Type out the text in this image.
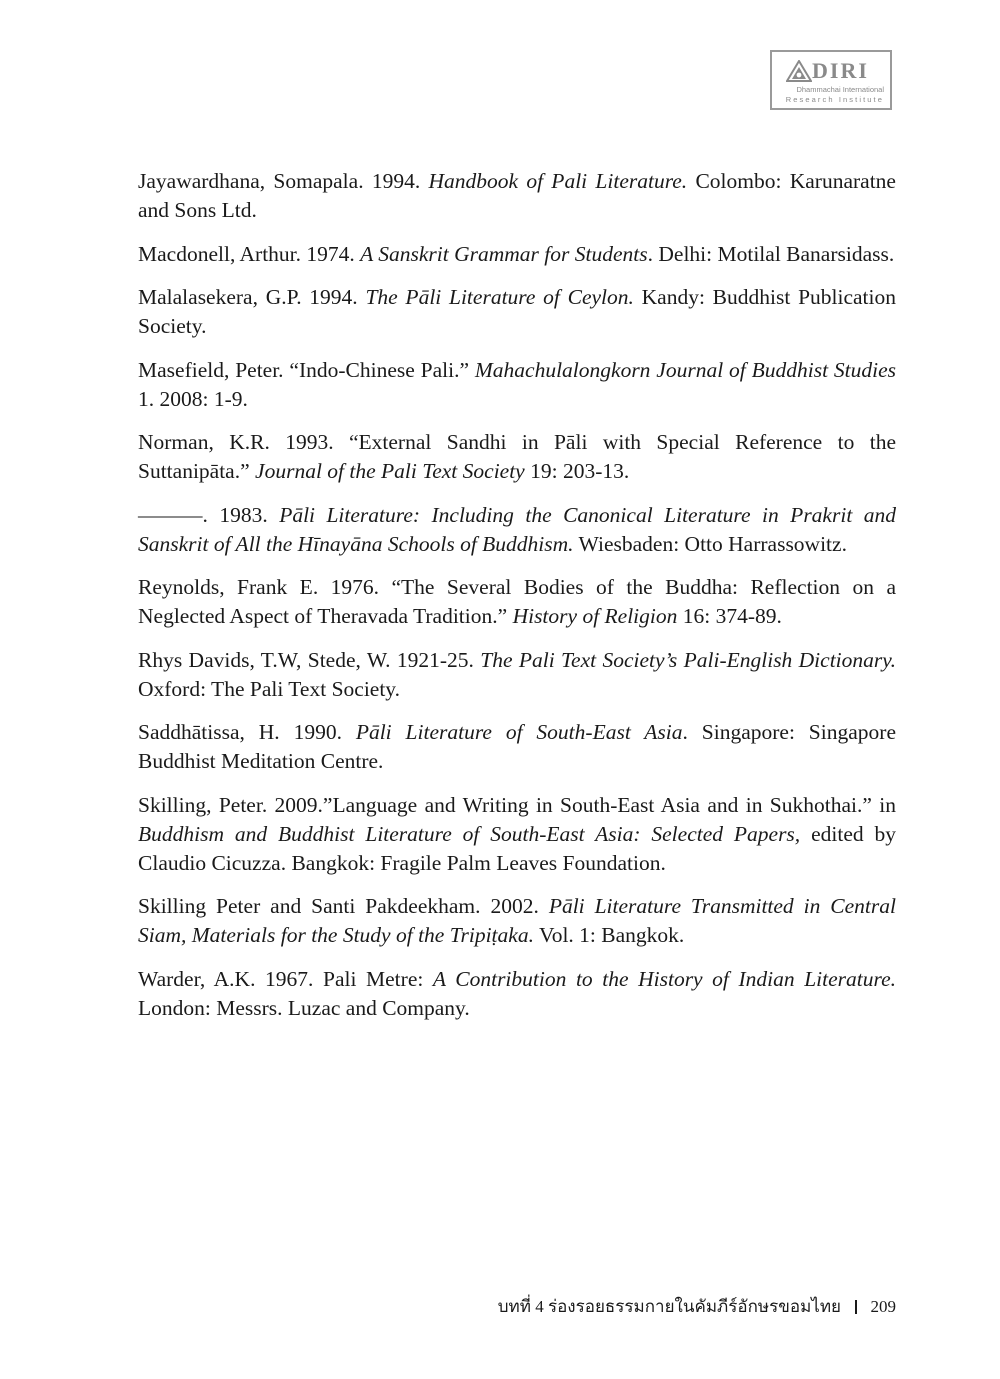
DIRI
Dhammachai International
Research Institute

Jayawardhana, Somapala. 1994. Handbook of Pali Literature. Colombo: Karunaratne and Sons Ltd.

Macdonell, Arthur. 1974. A Sanskrit Grammar for Students. Delhi: Motilal Banarsidass.

Malalasekera, G.P. 1994. The Pāli Literature of Ceylon. Kandy: Buddhist Publication Society.

Masefield, Peter. “Indo-Chinese Pali.” Mahachulalongkorn Journal of Buddhist Studies 1. 2008: 1-9.

Norman, K.R. 1993. “External Sandhi in Pāli with Special Reference to the Suttanipāta.” Journal of the Pali Text Society 19: 203-13.

———. 1983. Pāli Literature: Including the Canonical Literature in Prakrit and Sanskrit of All the Hīnayāna Schools of Buddhism. Wiesbaden: Otto Harrassowitz.

Reynolds, Frank E. 1976. “The Several Bodies of the Buddha: Reflection on a Neglected Aspect of Theravada Tradition.” History of Religion 16: 374-89.

Rhys Davids, T.W, Stede, W. 1921-25. The Pali Text Society’s Pali-English Dictionary. Oxford: The Pali Text Society.

Saddhātissa, H. 1990. Pāli Literature of South-East Asia. Singapore: Singapore Buddhist Meditation Centre.

Skilling, Peter. 2009.”Language and Writing in South-East Asia and in Sukhothai.” in Buddhism and Buddhist Literature of South-East Asia: Selected Papers, edited by Claudio Cicuzza. Bangkok: Fragile Palm Leaves Foundation.

Skilling Peter and Santi Pakdeekham. 2002. Pāli Literature Transmitted in Central Siam, Materials for the Study of the Tripiṭaka. Vol. 1: Bangkok.

Warder, A.K. 1967. Pali Metre: A Contribution to the History of Indian Literature. London: Messrs. Luzac and Company.

บทที่ 4 ร่องรอยธรรมกายในคัมภีร์อักษรขอมไทย 209
